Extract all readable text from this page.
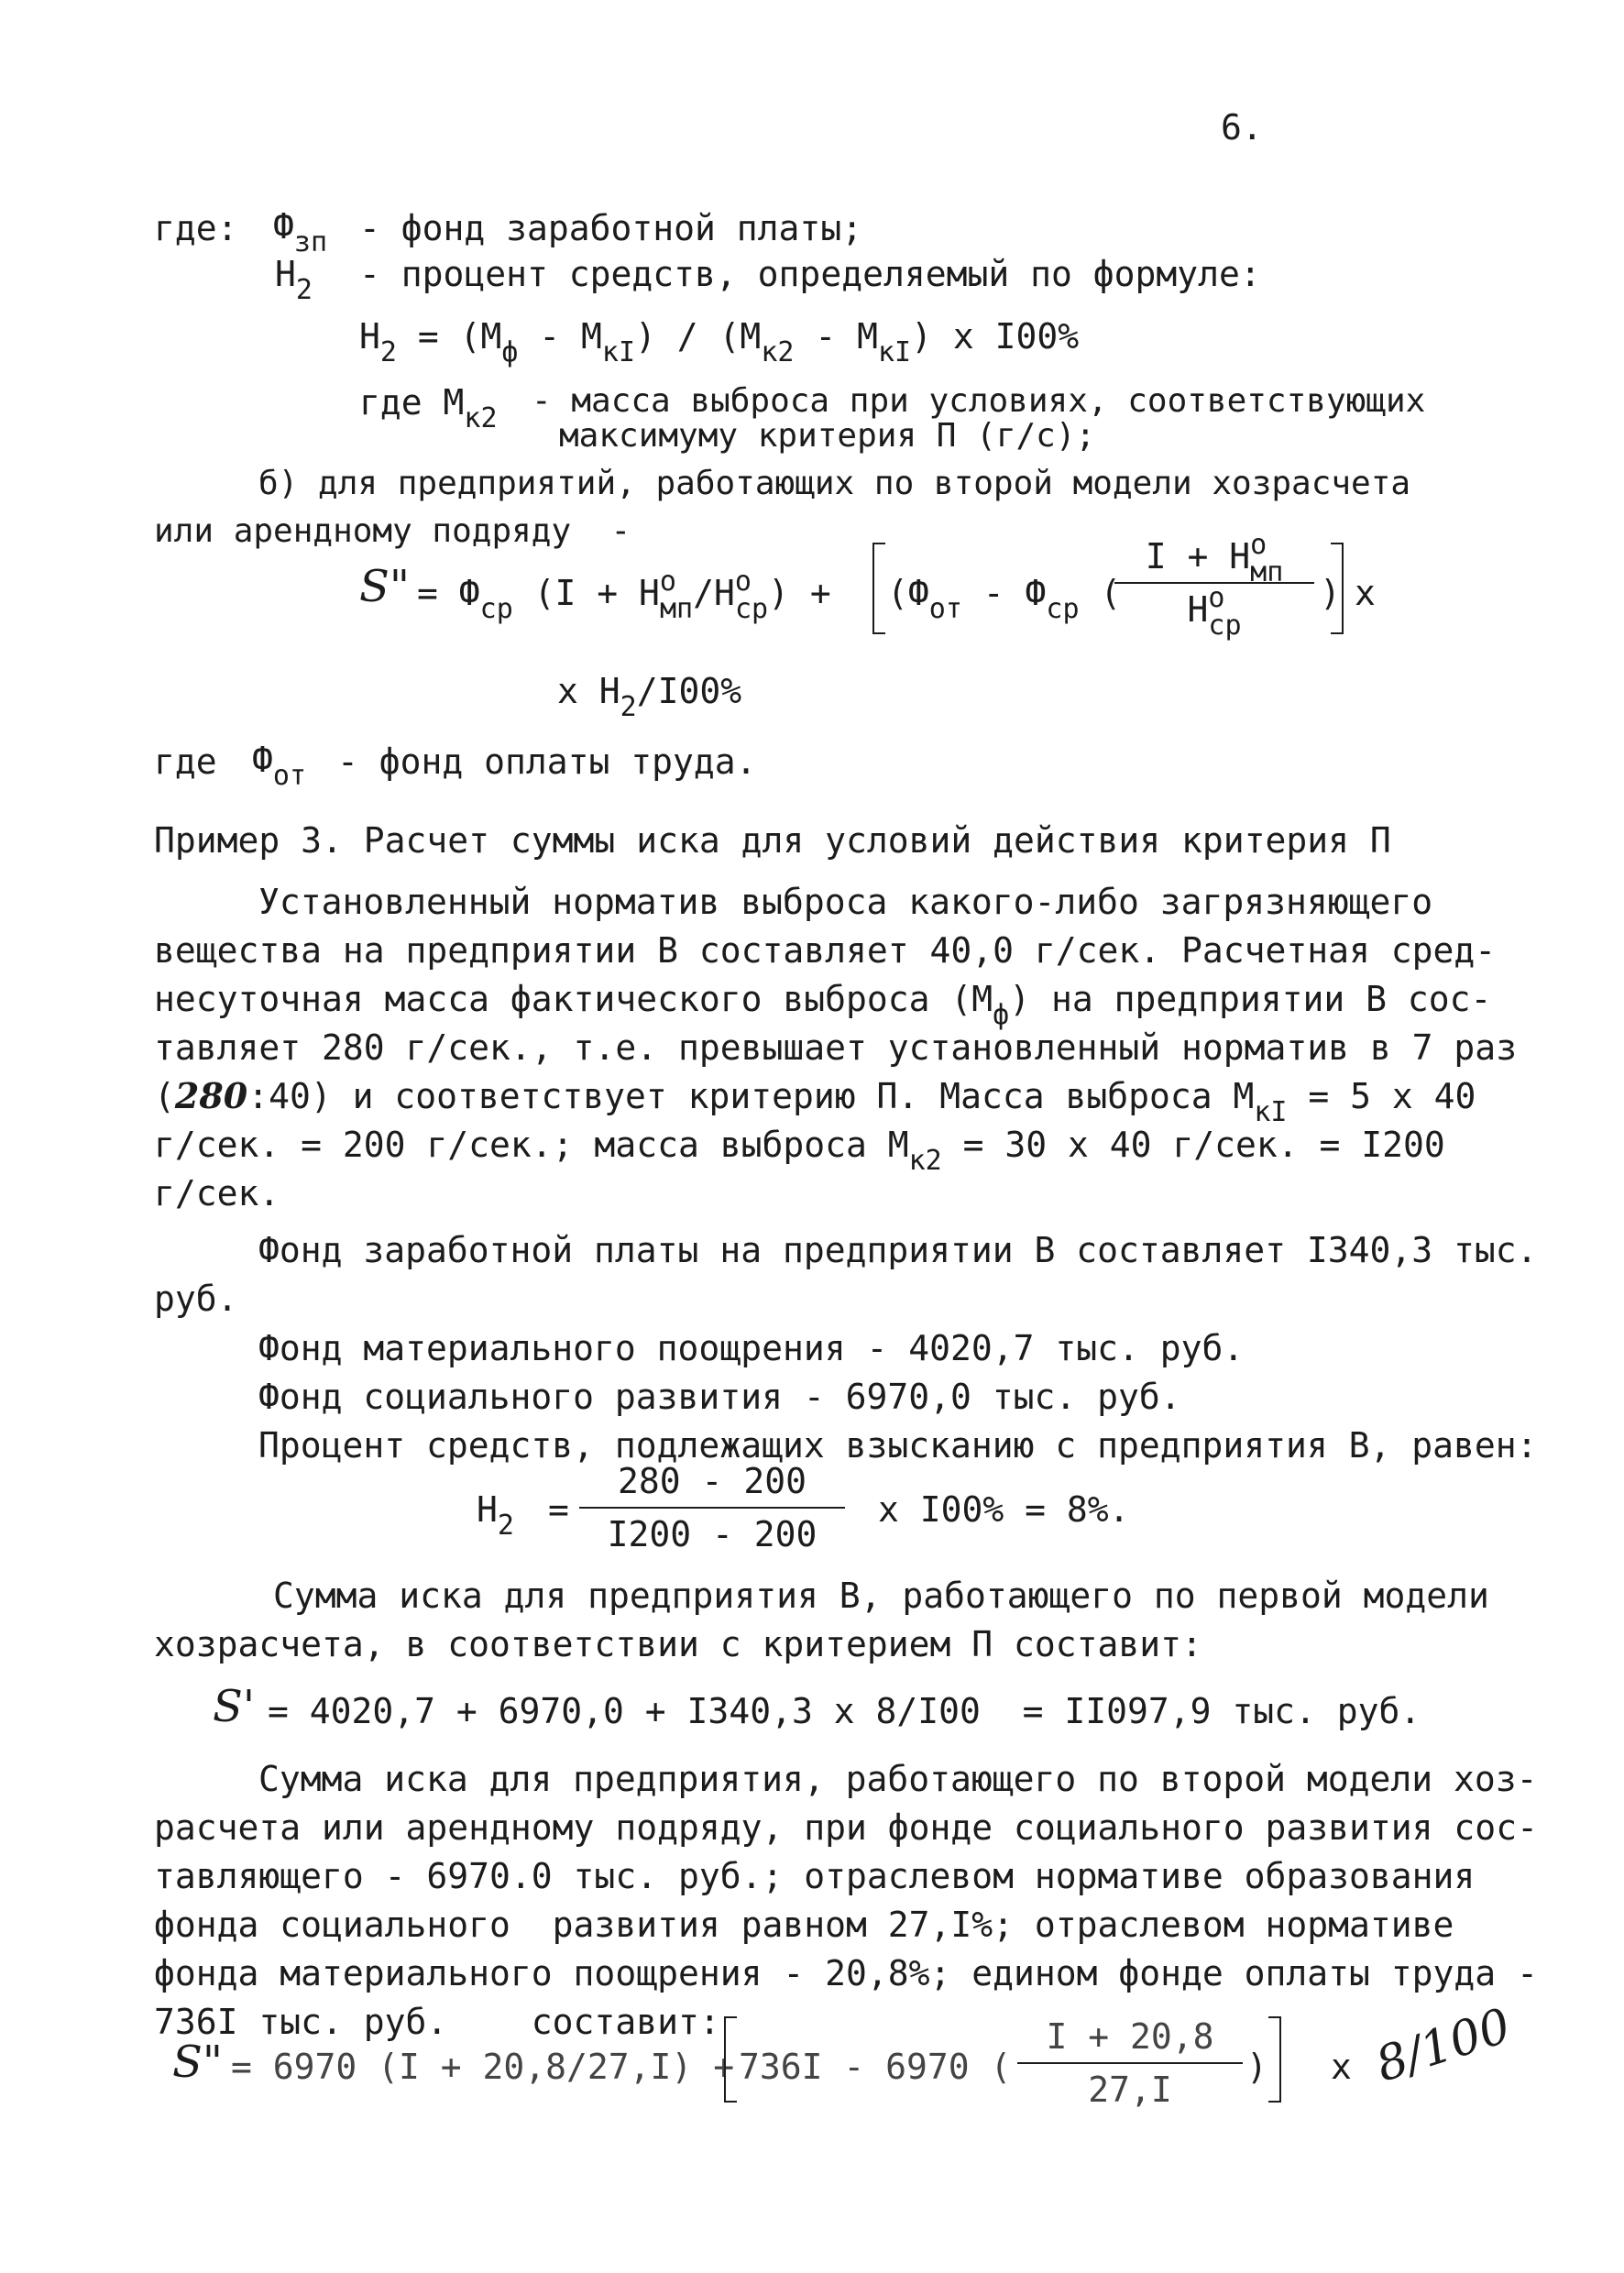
6.
где: $Ф_{зп}$ - фонд заработной платы;
$Н_2$ - процент средств, определяемый по формуле:
$Н_2 = (М_ф - М_{кI}) / (М_{к2} - М_{кI})$ х I00%
где $М_{к2}$ - масса выброса при условиях, соответствующих
максимуму критерия П (г/с);
б) для предприятий, работающих по второй модели хозрасчета
или арендному подряду  -
S" = $Ф_{ср}$ $(I + Н^о_{мп}/Н^о_{ср}) + (Ф_{от} - Ф_{ср}$ (
$I + Н^о_{мп}$
$Н^о_{ср}$
) х
х $Н_2/I00\%$
где $Ф_{от}$ - фонд оплаты труда.
Пример 3. Расчет суммы иска для условий действия критерия П
Установленный норматив выброса какого-либо загрязняющего
вещества на предприятии В составляет 40,0 г/сек. Расчетная сред-
несуточная масса фактического выброса $(М_ф)$ на предприятии В сос-
тавляет 280 г/сек., т.е. превышает установленный норматив в 7 раз
(280:40) и соответствует критерию П. Масса выброса $М_{кI} = 5$ х 40
г/сек. = 200 г/сек.; масса выброса $М_{к2} = 30$ х 40 г/сек. = I200
г/сек.
Фонд заработной платы на предприятии В составляет I340,3 тыс.
руб.
Фонд материального поощрения - 4020,7 тыс. руб.
Фонд социального развития - 6970,0 тыс. руб.
Процент средств, подлежащих взысканию с предприятия В, равен:
$Н_2$ =
280 - 200
I200 - 200
х I00% = 8%.
Сумма иска для предприятия В, работающего по первой модели
хозрасчета, в соответствии с критерием П составит:
S' = 4020,7 + 6970,0 + I340,3 х 8/I00  = II097,9 тыс. руб.
Сумма иска для предприятия, работающего по второй модели хоз-
расчета или арендному подряду, при фонде социального развития сос-
тавляющего - 6970.0 тыс. руб.; отраслевом нормативе образования
фонда социального  развития равном 27,I%; отраслевом нормативе
фонда материального поощрения - 20,8%; едином фонде оплаты труда -
736I тыс. руб.    составит:
S" = 6970 (I + 20,8/27,I) + 736I - 6970 (
I + 20,8
27,I
) х 8/100
